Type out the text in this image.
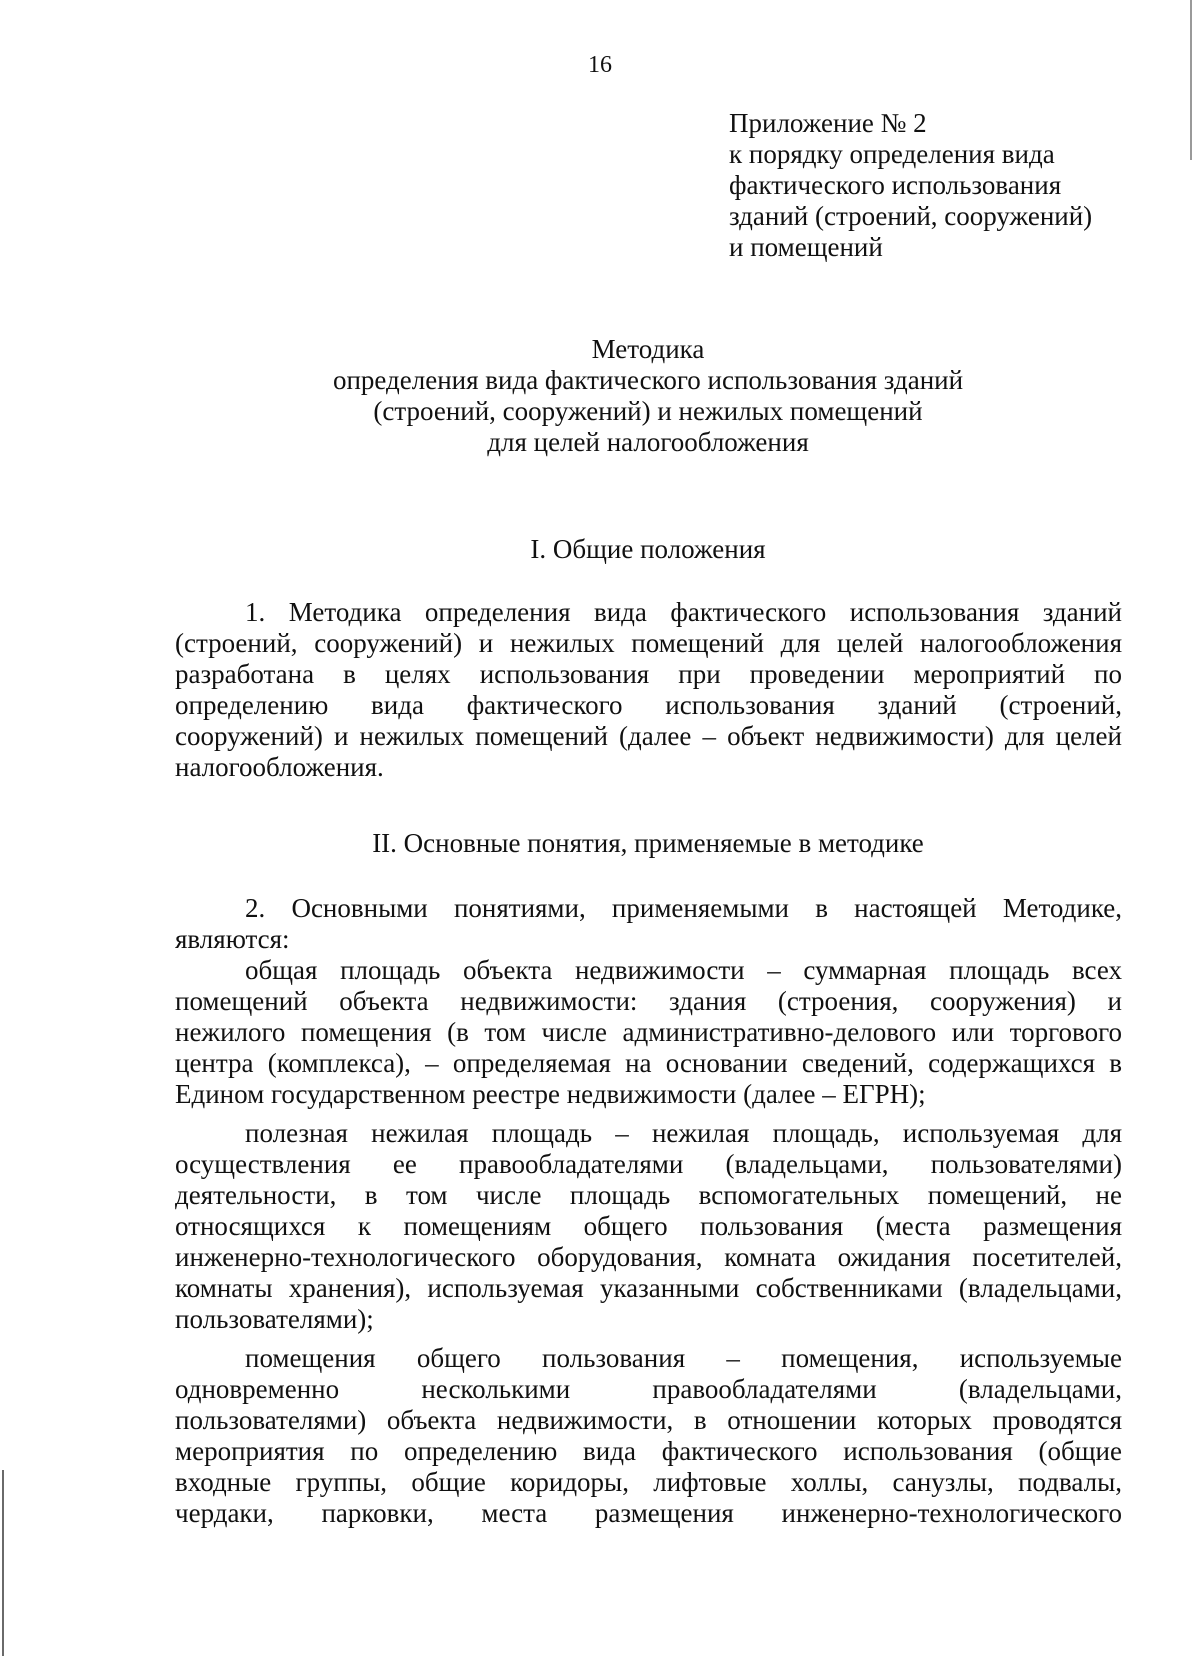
16
Приложение № 2
к порядку определения вида
фактического использования
зданий (строений, сооружений)
и помещений
Методика
определения вида фактического использования зданий
(строений, сооружений) и нежилых помещений
для целей налогообложения
I. Общие положения
1. Методика определения вида фактического использования зданий
(строений, сооружений) и нежилых помещений для целей налогообложения
разработана в целях использования при проведении мероприятий по
определению вида фактического использования зданий (строений,
сооружений) и нежилых помещений (далее – объект недвижимости) для целей
налогообложения.
II. Основные понятия, применяемые в методике
2. Основными понятиями, применяемыми в настоящей Методике,
являются:
общая площадь объекта недвижимости – суммарная площадь всех
помещений объекта недвижимости: здания (строения, сооружения) и
нежилого помещения (в том числе административно-делового или торгового
центра (комплекса), – определяемая на основании сведений, содержащихся в
Едином государственном реестре недвижимости (далее – ЕГРН);
полезная нежилая площадь – нежилая площадь, используемая для
осуществления ее правообладателями (владельцами, пользователями)
деятельности, в том числе площадь вспомогательных помещений, не
относящихся к помещениям общего пользования (места размещения
инженерно-технологического оборудования, комната ожидания посетителей,
комнаты хранения), используемая указанными собственниками (владельцами,
пользователями);
помещения общего пользования – помещения, используемые
одновременно несколькими правообладателями (владельцами,
пользователями) объекта недвижимости, в отношении которых проводятся
мероприятия по определению вида фактического использования (общие
входные группы, общие коридоры, лифтовые холлы, санузлы, подвалы,
чердаки, парковки, места размещения инженерно-технологического
